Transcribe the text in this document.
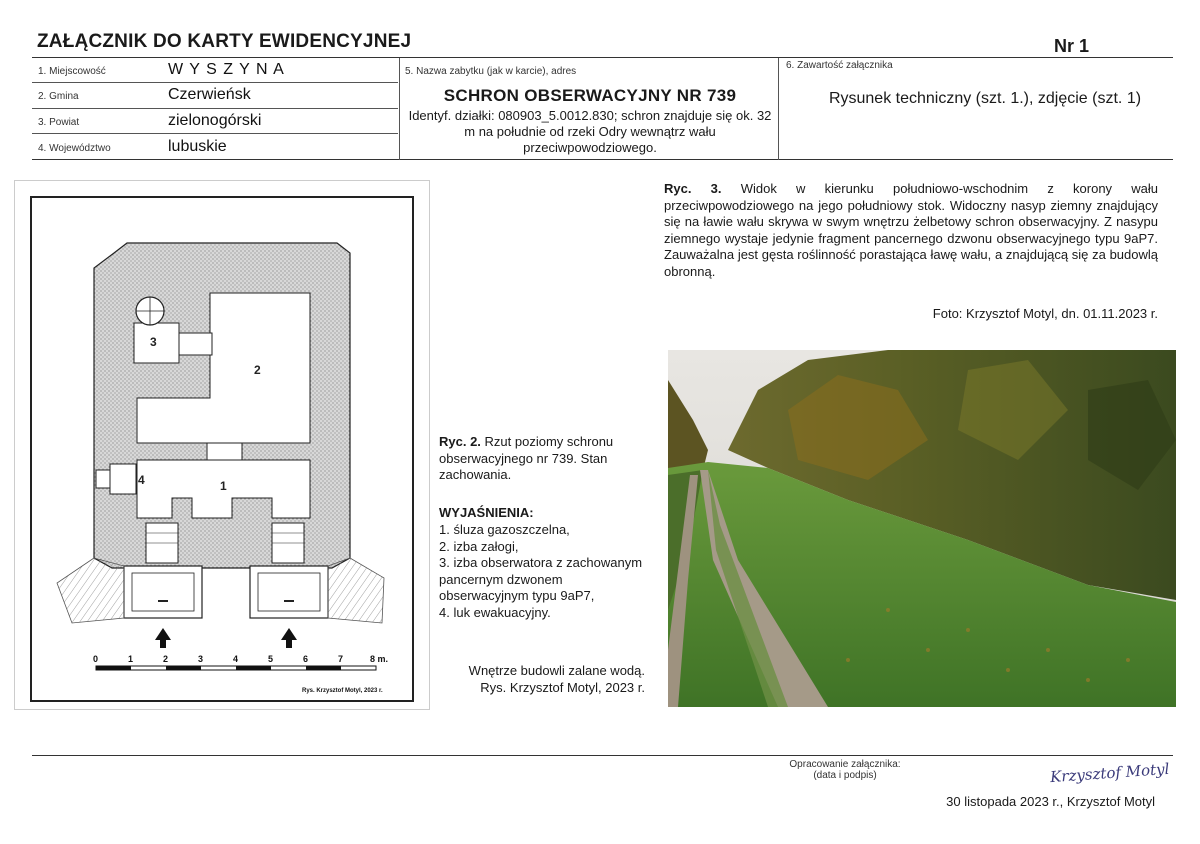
ZAŁĄCZNIK DO KARTY EWIDENCYJNEJ	Nr 1
1. Miejscowość	W Y S Z Y N A
2. Gmina	Czerwieńsk
3. Powiat	zielonogórski
4. Województwo	lubuskie
5. Nazwa zabytku (jak w karcie), adres
SCHRON OBSERWACYJNY NR 739
Identyf. działki: 080903_5.0012.830; schron znajduje się ok. 32 m na południe od rzeki Odry wewnątrz wału przeciwpowodziowego.
6. Zawartość załącznika
Rysunek techniczny (szt. 1.), zdjęcie (szt. 1)
1
2
3
4
0	1	2	3	4	5	6	7	8 m.
Rys. Krzysztof Motyl, 2023 r.
Ryc. 2. Rzut poziomy schronu obserwacyjnego nr 739. Stan zachowania.
WYJAŚNIENIA:
1. śluza gazoszczelna,
2. izba załogi,
3. izba obserwatora z zachowanym pancernym dzwonem obserwacyjnym typu 9aP7,
4. luk ewakuacyjny.
Wnętrze budowli zalane wodą.
Rys. Krzysztof Motyl, 2023 r.
Ryc. 3. Widok w kierunku południowo-wschodnim z korony wału przeciwpowodziowego na jego południowy stok. Widoczny nasyp ziemny znajdujący się na ławie wału skrywa w swym wnętrzu żelbetowy schron obserwacyjny. Z nasypu ziemnego wystaje jedynie fragment pancernego dzwonu obserwacyjnego typu 9aP7. Zauważalna jest gęsta roślinność porastająca ławę wału, a znajdującą się za budowlą obronną.
Foto: Krzysztof Motyl, dn. 01.11.2023 r.
Opracowanie załącznika:
(data i podpis)	Krzysztof Motyl
30 listopada 2023 r., Krzysztof Motyl
